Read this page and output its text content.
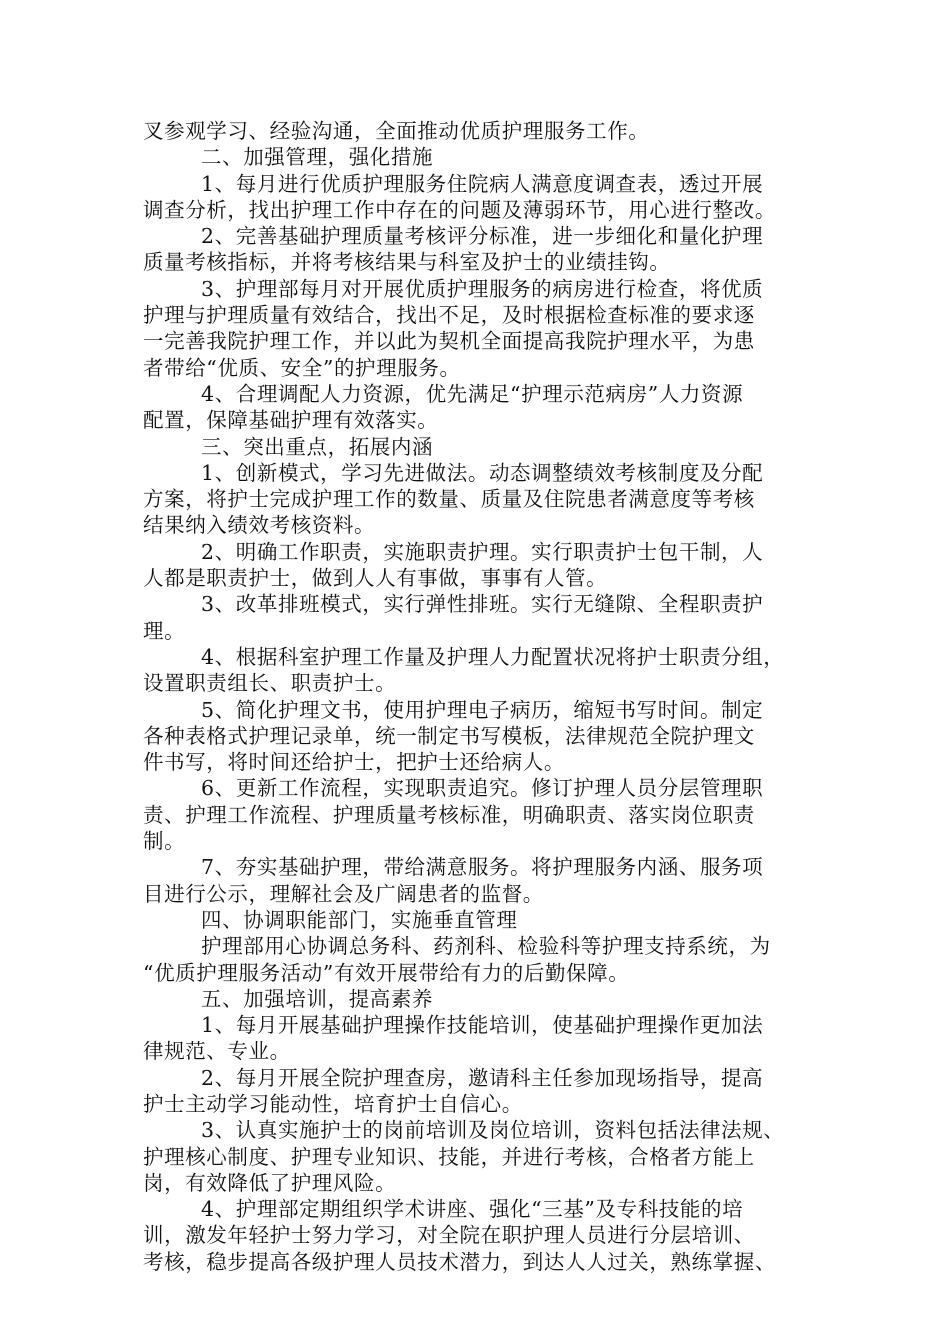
叉参观学习、经验沟通，全面推动优质护理服务工作。

二、加强管理，强化措施

1、每月进行优质护理服务住院病人满意度调查表，透过开展

调查分析，找出护理工作中存在的问题及薄弱环节，用心进行整改。

2、完善基础护理质量考核评分标准，进一步细化和量化护理

质量考核指标，并将考核结果与科室及护士的业绩挂钩。

3、护理部每月对开展优质护理服务的病房进行检查，将优质

护理与护理质量有效结合，找出不足，及时根据检查标准的要求逐

一完善我院护理工作，并以此为契机全面提高我院护理水平，为患

者带给“优质、安全”的护理服务。

4、合理调配人力资源，优先满足“护理示范病房”人力资源

配置，保障基础护理有效落实。

三、突出重点，拓展内涵

1、创新模式，学习先进做法。动态调整绩效考核制度及分配

方案，将护士完成护理工作的数量、质量及住院患者满意度等考核

结果纳入绩效考核资料。

2、明确工作职责，实施职责护理。实行职责护士包干制，人

人都是职责护士，做到人人有事做，事事有人管。

3、改革排班模式，实行弹性排班。实行无缝隙、全程职责护

理。

4、根据科室护理工作量及护理人力配置状况将护士职责分组，

设置职责组长、职责护士。

5、简化护理文书，使用护理电子病历，缩短书写时间。制定

各种表格式护理记录单，统一制定书写模板，法律规范全院护理文

件书写，将时间还给护士，把护士还给病人。

6、更新工作流程，实现职责追究。修订护理人员分层管理职

责、护理工作流程、护理质量考核标准，明确职责、落实岗位职责

制。

7、夯实基础护理，带给满意服务。将护理服务内涵、服务项

目进行公示，理解社会及广阔患者的监督。

四、协调职能部门，实施垂直管理

护理部用心协调总务科、药剂科、检验科等护理支持系统，为

“优质护理服务活动”有效开展带给有力的后勤保障。

五、加强培训，提高素养

1、每月开展基础护理操作技能培训，使基础护理操作更加法

律规范、专业。

2、每月开展全院护理查房，邀请科主任参加现场指导，提高

护士主动学习能动性，培育护士自信心。

3、认真实施护士的岗前培训及岗位培训，资料包括法律法规、

护理核心制度、护理专业知识、技能，并进行考核，合格者方能上

岗，有效降低了护理风险。

4、护理部定期组织学术讲座、强化“三基”及专科技能的培

训，激发年轻护士努力学习，对全院在职护理人员进行分层培训、

考核，稳步提高各级护理人员技术潜力，到达人人过关，熟练掌握、
